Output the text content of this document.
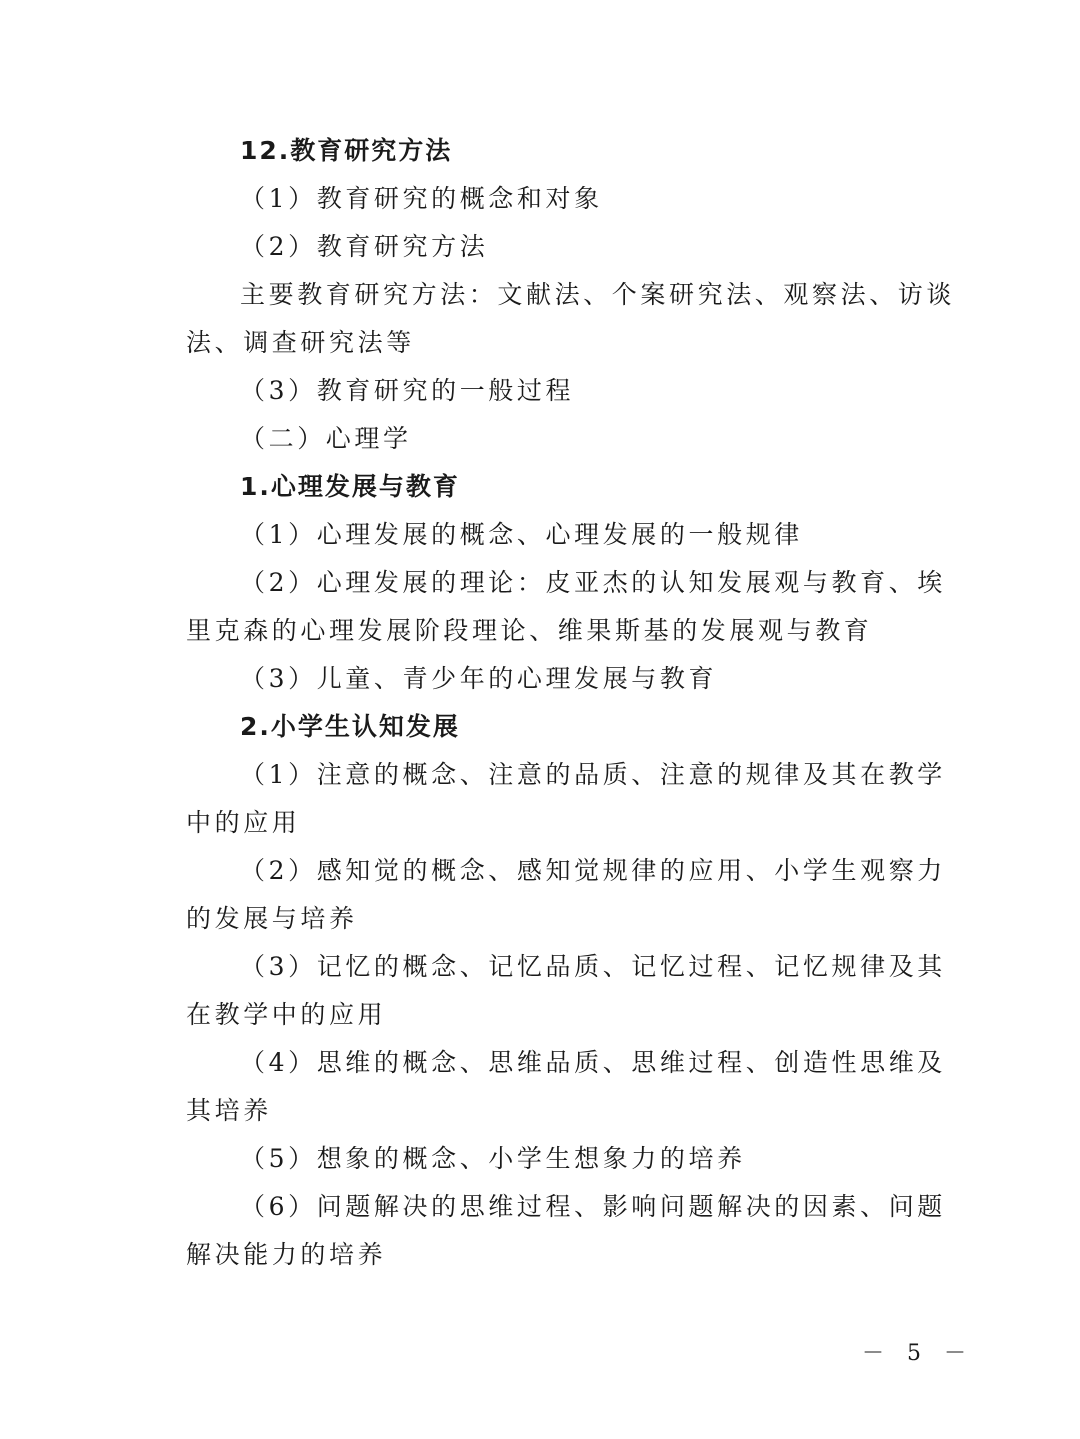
12.教育研究方法
（1）教育研究的概念和对象
（2）教育研究方法
主要教育研究方法：文献法、个案研究法、观察法、访谈
法、调查研究法等
（3）教育研究的一般过程
（二）心理学
1.心理发展与教育
（1）心理发展的概念、心理发展的一般规律
（2）心理发展的理论：皮亚杰的认知发展观与教育、埃
里克森的心理发展阶段理论、维果斯基的发展观与教育
（3）儿童、青少年的心理发展与教育
2.小学生认知发展
（1）注意的概念、注意的品质、注意的规律及其在教学
中的应用
（2）感知觉的概念、感知觉规律的应用、小学生观察力
的发展与培养
（3）记忆的概念、记忆品质、记忆过程、记忆规律及其
在教学中的应用
（4）思维的概念、思维品质、思维过程、创造性思维及
其培养
（5）想象的概念、小学生想象力的培养
（6）问题解决的思维过程、影响问题解决的因素、问题
解决能力的培养
－ 5 －
